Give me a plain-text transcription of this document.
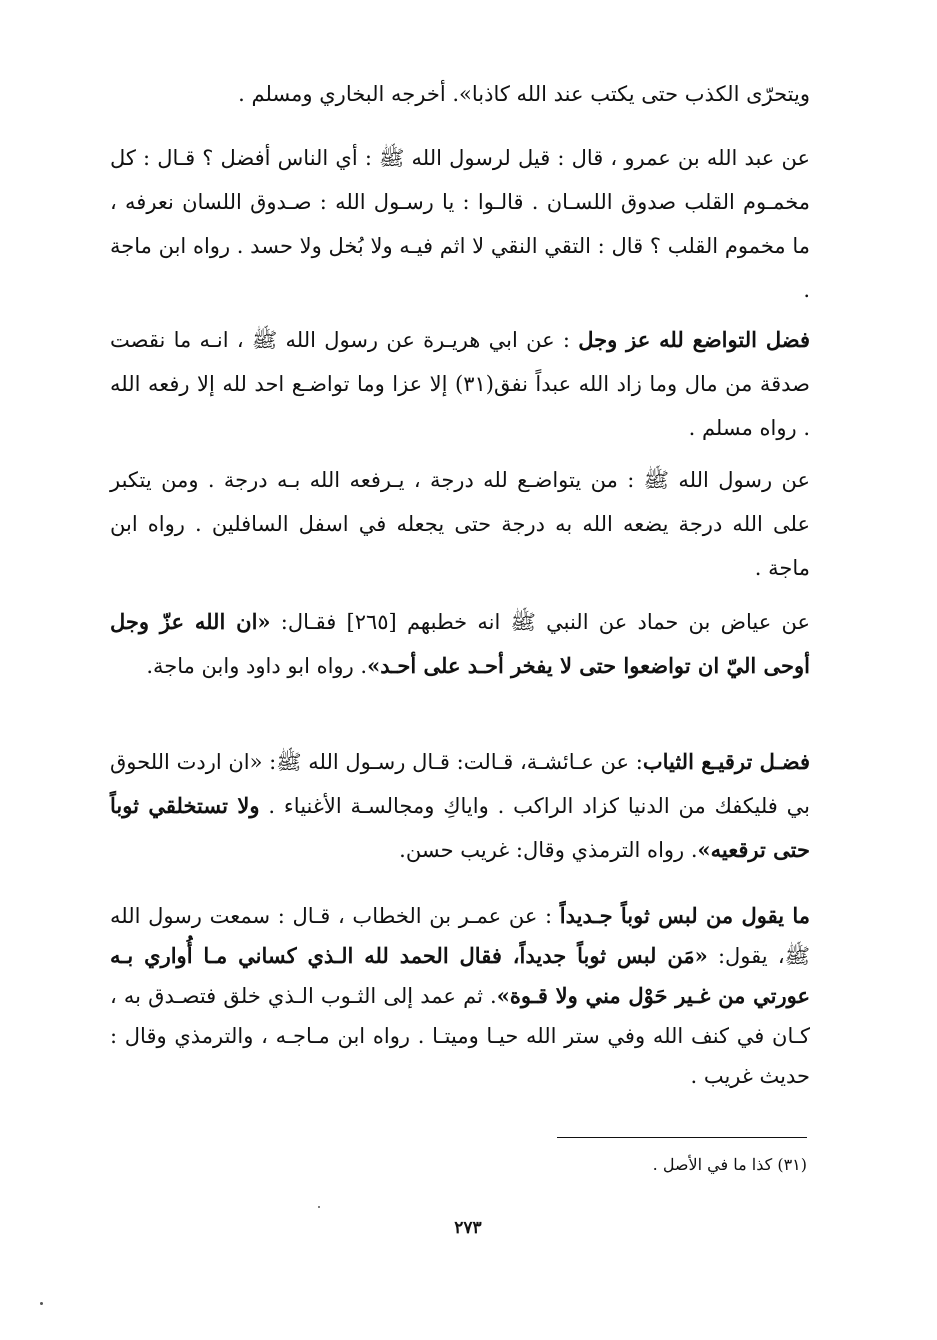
ويتحرّى الكذب حتى يكتب عند الله كاذبا». أخرجه البخاري ومسلم .

عن عبد الله بن عمرو ، قال : قيل لرسول الله ﷺ : أي الناس أفضل ؟ قـال : كل مخمـوم القلب صدوق اللسـان . قالـوا : يا رسـول الله : صـدوق اللسان نعرفه ، ما مخموم القلب ؟ قال : التقي النقي لا اثم فيـه ولا بُخل ولا حسد . رواه ابن ماجة .

فضل التواضع لله عز وجل : عن ابي هريـرة عن رسول الله ﷺ ، انـه ما نقصت صدقة من مال وما زاد الله عبداً نفق(٣١) إلا عزا وما تواضـع احد لله إلا رفعه الله . رواه مسلم .

عن رسول الله ﷺ : من يتواضـع لله درجة ، يـرفعه الله بـه درجة . ومن يتكبر على الله درجة يضعه الله به درجة حتى يجعله في اسفل السافلين . رواه ابن ماجة .

عن عياض بن حماد عن النبي ﷺ انه خطبهم [٢٦٥] فقـال: «ان الله عزّ وجل أوحى اليّ ان تواضعوا حتى لا يفخر أحـد على أحـد». رواه ابو داود وابن ماجة.

فضـل ترقيـع الثياب: عن عـائشـة، قـالت: قـال رسـول الله ﷺ: «ان اردت اللحوق بي فليكفك من الدنيا كزاد الراكب . واياكِ ومجالسـة الأغنياء . ولا تستخلقي ثوباً حتى ترقعيه». رواه الترمذي وقال: غريب حسن.

ما يقول من لبس ثوباً جـديداً : عن عمـر بن الخطاب ، قـال : سمعت رسول الله ﷺ، يقول: «مَن لبس ثوباً جديداً، فقال الحمد لله الـذي كساني مـا أُواري بـه عورتي من غـير حَوْل مني ولا قـوة». ثم عمد إلى الثـوب الـذي خلق فتصـدق به ، كـان في كنف الله وفي ستر الله حيـا وميتـا . رواه ابن مـاجـه ، والترمذي وقال : حديث غريب .

(٣١) كذا ما في الأصل .
٢٧٣
